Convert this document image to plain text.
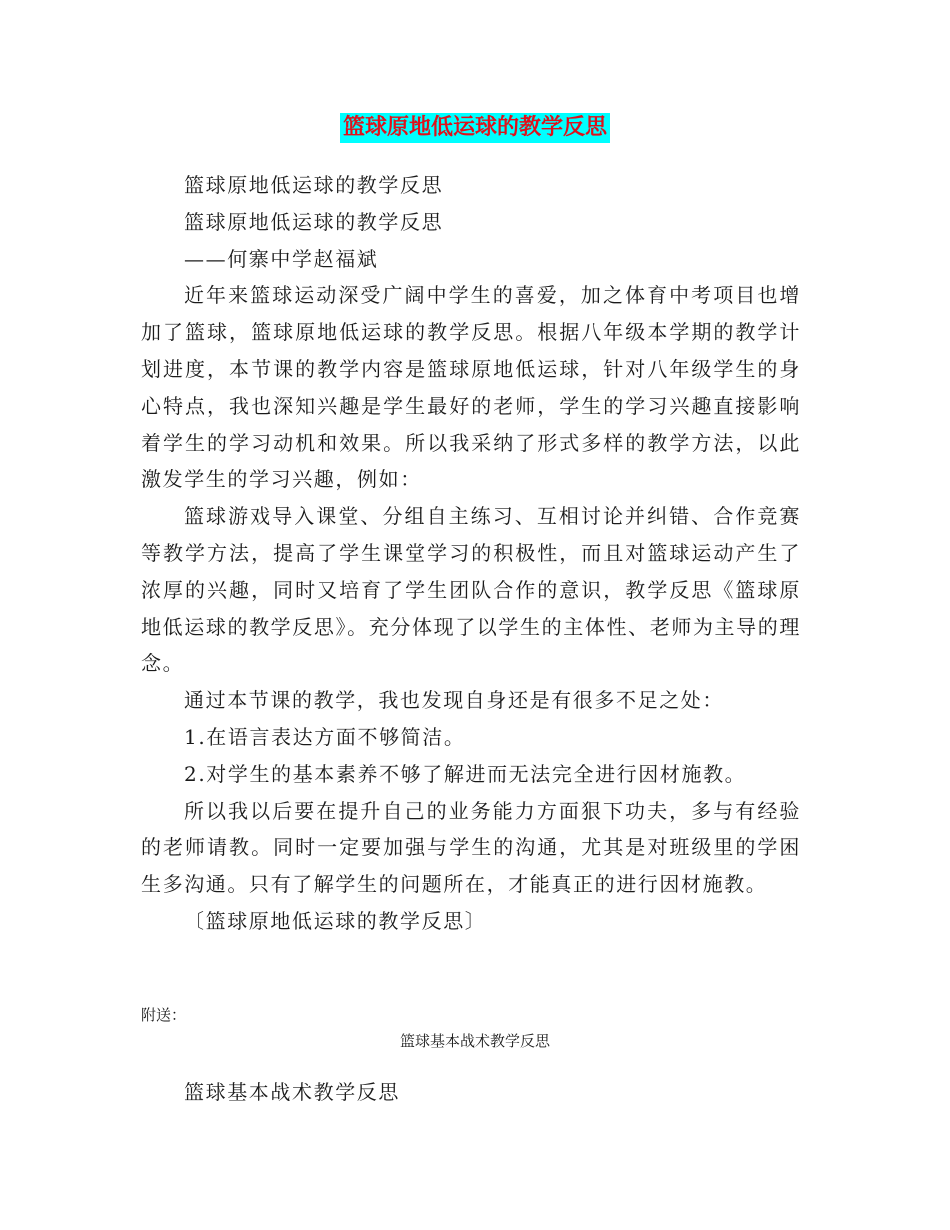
篮球原地低运球的教学反思

篮球原地低运球的教学反思

篮球原地低运球的教学反思

——何寨中学赵福斌

近年来篮球运动深受广阔中学生的喜爱，加之体育中考项目也增加了篮球，篮球原地低运球的教学反思。根据八年级本学期的教学计划进度，本节课的教学内容是篮球原地低运球，针对八年级学生的身心特点，我也深知兴趣是学生最好的老师，学生的学习兴趣直接影响着学生的学习动机和效果。所以我采纳了形式多样的教学方法，以此激发学生的学习兴趣，例如：

篮球游戏导入课堂、分组自主练习、互相讨论并纠错、合作竞赛等教学方法，提高了学生课堂学习的积极性，而且对篮球运动产生了浓厚的兴趣，同时又培育了学生团队合作的意识，教学反思《篮球原地低运球的教学反思》。充分体现了以学生的主体性、老师为主导的理念。

通过本节课的教学，我也发现自身还是有很多不足之处：

1.在语言表达方面不够简洁。

2.对学生的基本素养不够了解进而无法完全进行因材施教。

所以我以后要在提升自己的业务能力方面狠下功夫，多与有经验的老师请教。同时一定要加强与学生的沟通，尤其是对班级里的学困生多沟通。只有了解学生的问题所在，才能真正的进行因材施教。

〔篮球原地低运球的教学反思〕

附送：
篮球基本战术教学反思

篮球基本战术教学反思
